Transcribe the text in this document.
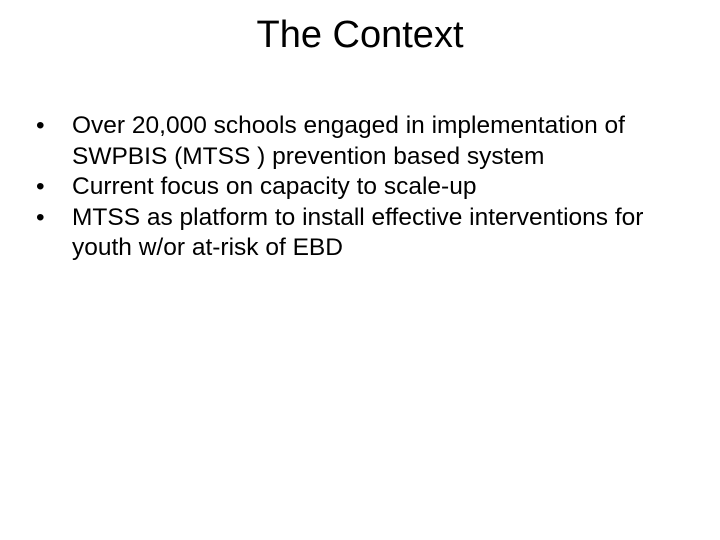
The Context
•	Over 20,000 schools engaged in implementation of SWPBIS (MTSS ) prevention based system
•	Current focus on capacity to scale-up
•	MTSS as platform to install effective interventions for youth w/or at-risk of EBD
